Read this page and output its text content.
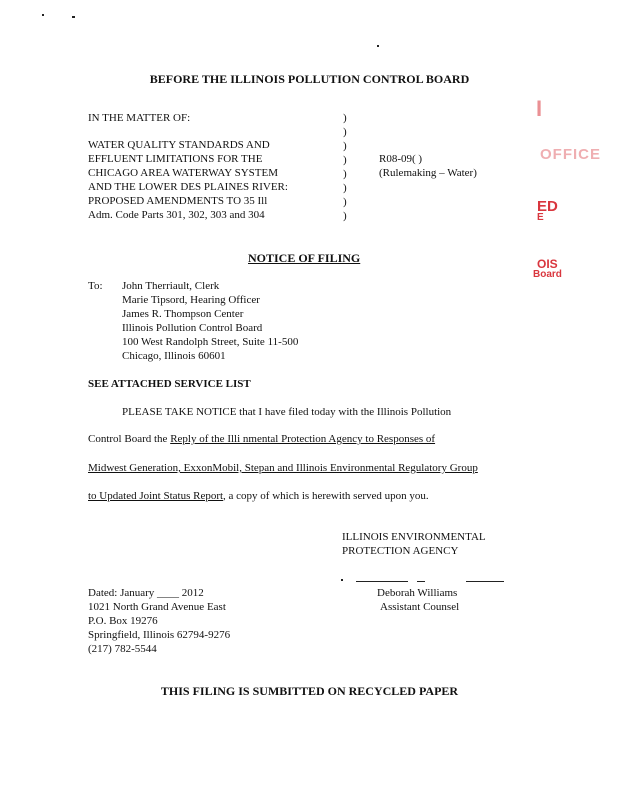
BEFORE THE ILLINOIS POLLUTION CONTROL BOARD
IN THE MATTER OF:
WATER QUALITY STANDARDS AND
EFFLUENT LIMITATIONS FOR THE
CHICAGO AREA WATERWAY SYSTEM
AND THE LOWER DES PLAINES RIVER:
PROPOSED AMENDMENTS TO 35 Ill
Adm. Code Parts 301, 302, 303 and 304
)
)
)
)
)
)
)
)
R08-09( )
(Rulemaking – Water)
I
OFFICE
ED
E
OIS
Board
NOTICE OF FILING
To: John Therriault, Clerk
Marie Tipsord, Hearing Officer
James R. Thompson Center
Illinois Pollution Control Board
100 West Randolph Street, Suite 11-500
Chicago, Illinois 60601
SEE ATTACHED SERVICE LIST
PLEASE TAKE NOTICE that I have filed today with the Illinois Pollution
Control Board the Reply of the Illi nmental Protection Agency to Responses of
Midwest Generation, ExxonMobil, Stepan and Illinois Environmental Regulatory Group
to Updated Joint Status Report, a copy of which is herewith served upon you.
ILLINOIS ENVIRONMENTAL
PROTECTION AGENCY
Deborah Williams
Assistant Counsel
Dated: January ____ 2012
1021 North Grand Avenue East
P.O. Box 19276
Springfield, Illinois 62794-9276
(217) 782-5544
THIS FILING IS SUMBITTED ON RECYCLED PAPER
